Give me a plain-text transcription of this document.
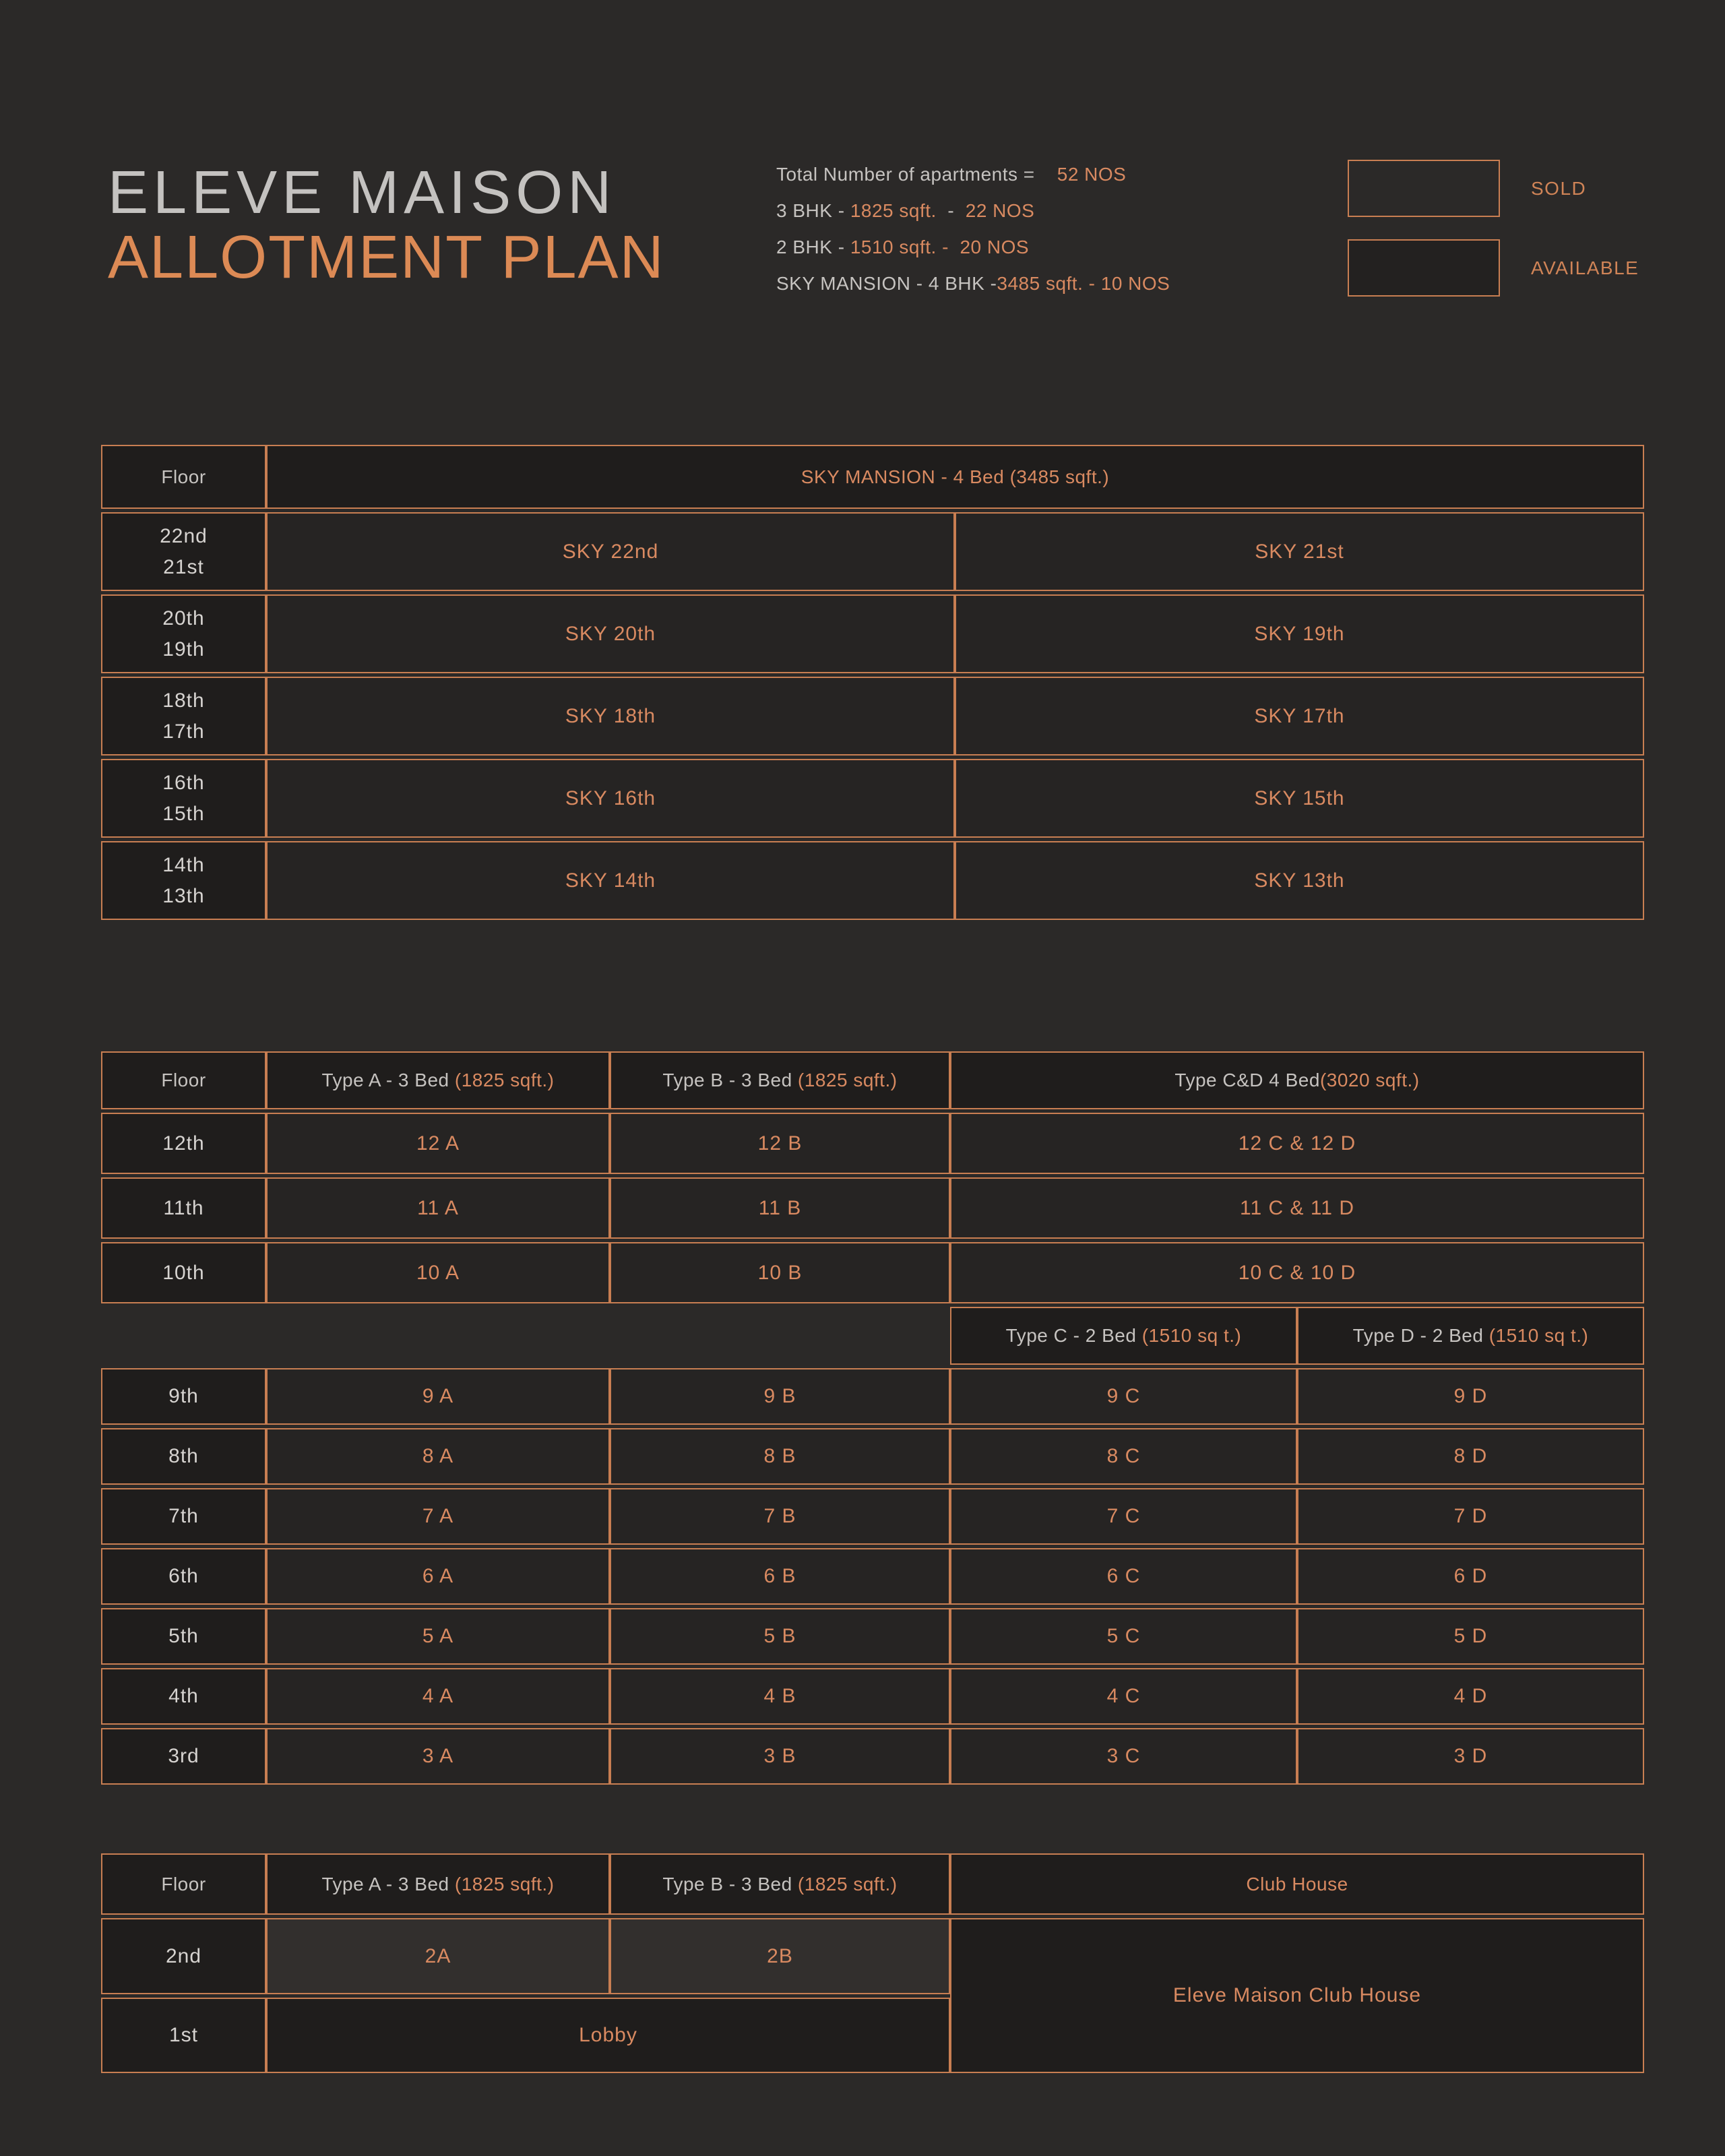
ELEVE MAISON
ALLOTMENT PLAN
Total Number of apartments = 52 NOS
3 BHK - 1825 sqft. - 22 NOS
2 BHK - 1510 sqft. -  20 NOS
SKY MANSION - 4 BHK - 3485 sqft. - 10 NOS
SOLD
AVAILABLE
Floor	SKY MANSION - 4 Bed (3485 sqft.)
22nd
21st
SKY 22nd	SKY 21st
20th
19th
SKY 20th	SKY 19th
18th
17th
SKY 18th	SKY 17th
16th
15th
SKY 16th	SKY 15th
14th
13th
SKY 14th	SKY 13th
Floor	Type A - 3 Bed (1825 sqft.)	Type B - 3 Bed (1825 sqft.)	Type C&D 4 Bed (3020 sqft.)
12th	12 A	12 B	12 C & 12 D
11th	11 A	11 B	11 C & 11 D
10th	10 A	10 B	10 C & 10 D
Type C - 2 Bed (1510 sq t.)	Type D - 2 Bed (1510 sq t.)
9th	9 A	9 B	9 C	9 D
8th	8 A	8 B	8 C	8 D
7th	7 A	7 B	7 C	7 D
6th	6 A	6 B	6 C	6 D
5th	5 A	5 B	5 C	5 D
4th	4 A	4 B	4 C	4 D
3rd	3 A	3 B	3 C	3 D
Floor	Type A - 3 Bed (1825 sqft.)	Type B - 3 Bed (1825 sqft.)	Club House
2nd	2A	2B
Eleve Maison Club House
1st	Lobby
